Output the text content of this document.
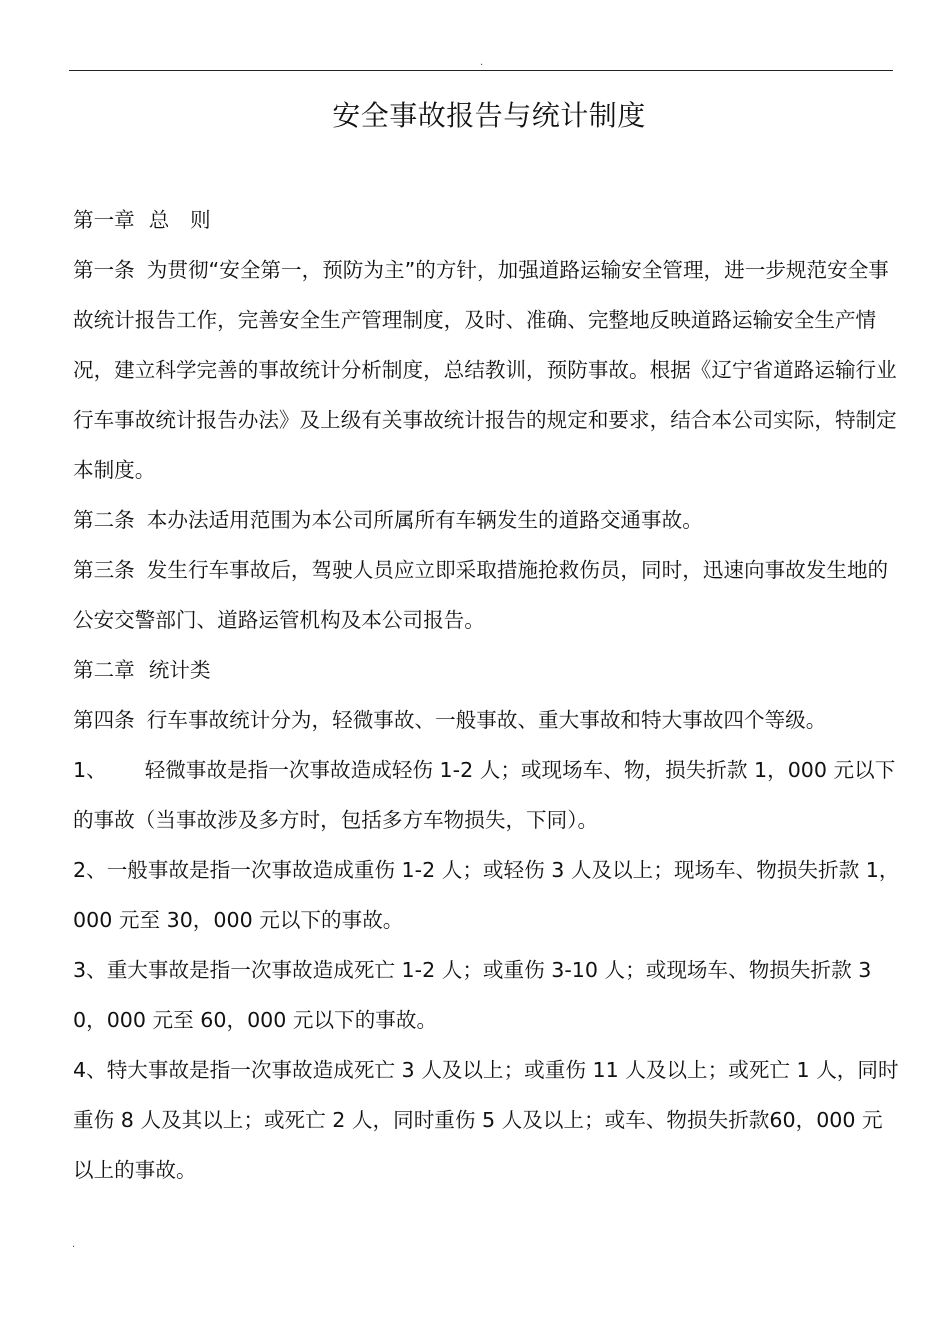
.
安全事故报告与统计制度

第一章 总　则

第一条 为贯彻“安全第一，预防为主”的方针，加强道路运输安全管理，进一步规范安全事故统计报告工作，完善安全生产管理制度，及时、准确、完整地反映道路运输安全生产情况，建立科学完善的事故统计分析制度，总结教训，预防事故。根据《辽宁省道路运输行业行车事故统计报告办法》及上级有关事故统计报告的规定和要求，结合本公司实际，特制定本制度。

第二条 本办法适用范围为本公司所属所有车辆发生的道路交通事故。

第三条 发生行车事故后，驾驶人员应立即采取措施抢救伤员，同时，迅速向事故发生地的公安交警部门、道路运管机构及本公司报告。

第二章 统计类

第四条 行车事故统计分为，轻微事故、一般事故、重大事故和特大事故四个等级。

1、 轻微事故是指一次事故造成轻伤 1-2 人；或现场车、物，损失折款 1，000 元以下的事故（当事故涉及多方时，包括多方车物损失，下同）。

2、一般事故是指一次事故造成重伤 1-2 人；或轻伤 3 人及以上；现场车、物损失折款 1，000 元至 30，000 元以下的事故。

3、重大事故是指一次事故造成死亡 1-2 人；或重伤 3-10 人；或现场车、物损失折款 30，000 元至 60，000 元以下的事故。

4、特大事故是指一次事故造成死亡 3 人及以上；或重伤 11 人及以上；或死亡 1 人，同时重伤 8 人及其以上；或死亡 2 人，同时重伤 5 人及以上；或车、物损失折款60，000 元以上的事故。

.
